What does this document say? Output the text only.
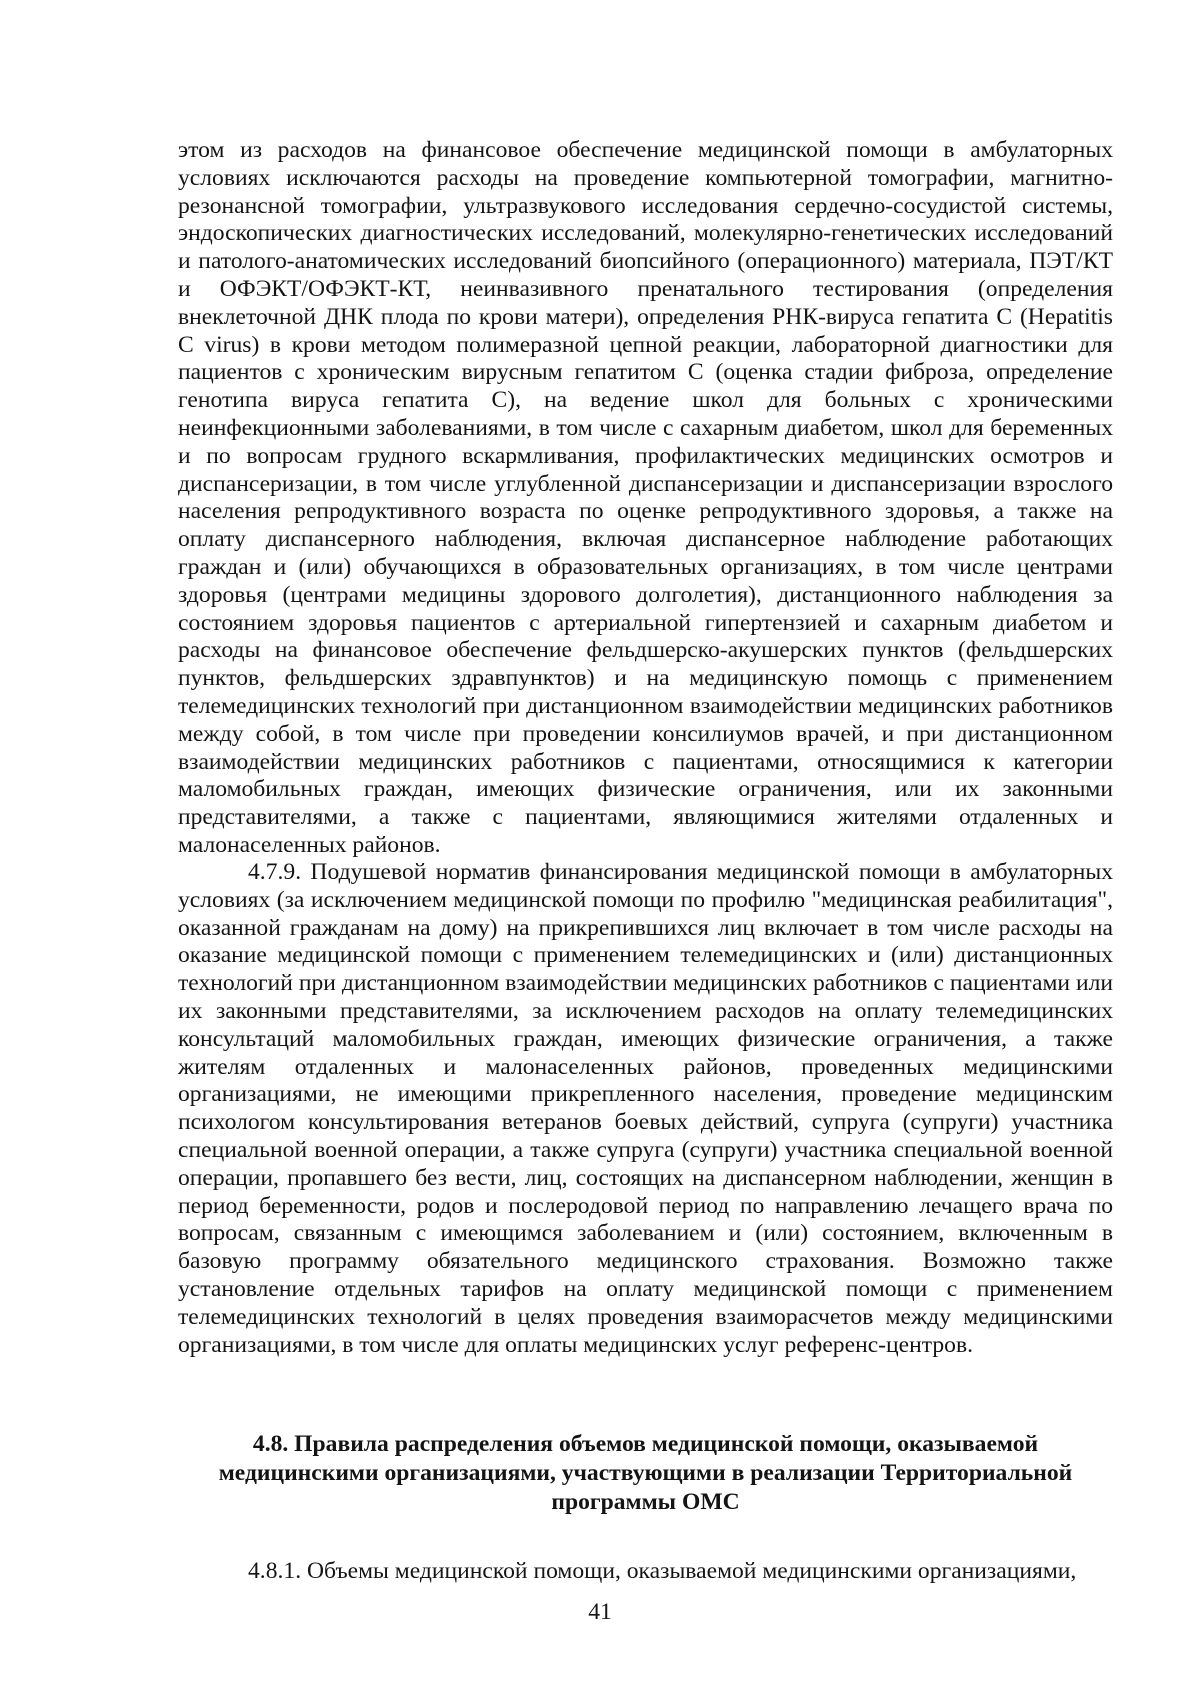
этом из расходов на финансовое обеспечение медицинской помощи в амбулаторных условиях исключаются расходы на проведение компьютерной томографии, магнитно-резонансной томографии, ультразвукового исследования сердечно-сосудистой системы, эндоскопических диагностических исследований, молекулярно-генетических исследований и патолого-анатомических исследований биопсийного (операционного) материала, ПЭТ/КТ и ОФЭКТ/ОФЭКТ-КТ, неинвазивного пренатального тестирования (определения внеклеточной ДНК плода по крови матери), определения РНК-вируса гепатита С (Hepatitis C virus) в крови методом полимеразной цепной реакции, лабораторной диагностики для пациентов с хроническим вирусным гепатитом С (оценка стадии фиброза, определение генотипа вируса гепатита С), на ведение школ для больных с хроническими неинфекционными заболеваниями, в том числе с сахарным диабетом, школ для беременных и по вопросам грудного вскармливания, профилактических медицинских осмотров и диспансеризации, в том числе углубленной диспансеризации и диспансеризации взрослого населения репродуктивного возраста по оценке репродуктивного здоровья, а также на оплату диспансерного наблюдения, включая диспансерное наблюдение работающих граждан и (или) обучающихся в образовательных организациях, в том числе центрами здоровья (центрами медицины здорового долголетия), дистанционного наблюдения за состоянием здоровья пациентов с артериальной гипертензией и сахарным диабетом и расходы на финансовое обеспечение фельдшерско-акушерских пунктов (фельдшерских пунктов, фельдшерских здравпунктов) и на медицинскую помощь с применением телемедицинских технологий при дистанционном взаимодействии медицинских работников между собой, в том числе при проведении консилиумов врачей, и при дистанционном взаимодействии медицинских работников с пациентами, относящимися к категории маломобильных граждан, имеющих физические ограничения, или их законными представителями, а также с пациентами, являющимися жителями отдаленных и малонаселенных районов.

4.7.9. Подушевой норматив финансирования медицинской помощи в амбулаторных условиях (за исключением медицинской помощи по профилю "медицинская реабилитация", оказанной гражданам на дому) на прикрепившихся лиц включает в том числе расходы на оказание медицинской помощи с применением телемедицинских и (или) дистанционных технологий при дистанционном взаимодействии медицинских работников с пациентами или их законными представителями, за исключением расходов на оплату телемедицинских консультаций маломобильных граждан, имеющих физические ограничения, а также жителям отдаленных и малонаселенных районов, проведенных медицинскими организациями, не имеющими прикрепленного населения, проведение медицинским психологом консультирования ветеранов боевых действий, супруга (супруги) участника специальной военной операции, а также супруга (супруги) участника специальной военной операции, пропавшего без вести, лиц, состоящих на диспансерном наблюдении, женщин в период беременности, родов и послеродовой период по направлению лечащего врача по вопросам, связанным с имеющимся заболеванием и (или) состоянием, включенным в базовую программу обязательного медицинского страхования. Возможно также установление отдельных тарифов на оплату медицинской помощи с применением телемедицинских технологий в целях проведения взаиморасчетов между медицинскими организациями, в том числе для оплаты медицинских услуг референс-центров.

4.8. Правила распределения объемов медицинской помощи, оказываемой
медицинскими организациями, участвующими в реализации Территориальной
программы ОМС
4.8.1. Объемы медицинской помощи, оказываемой медицинскими организациями,
41
